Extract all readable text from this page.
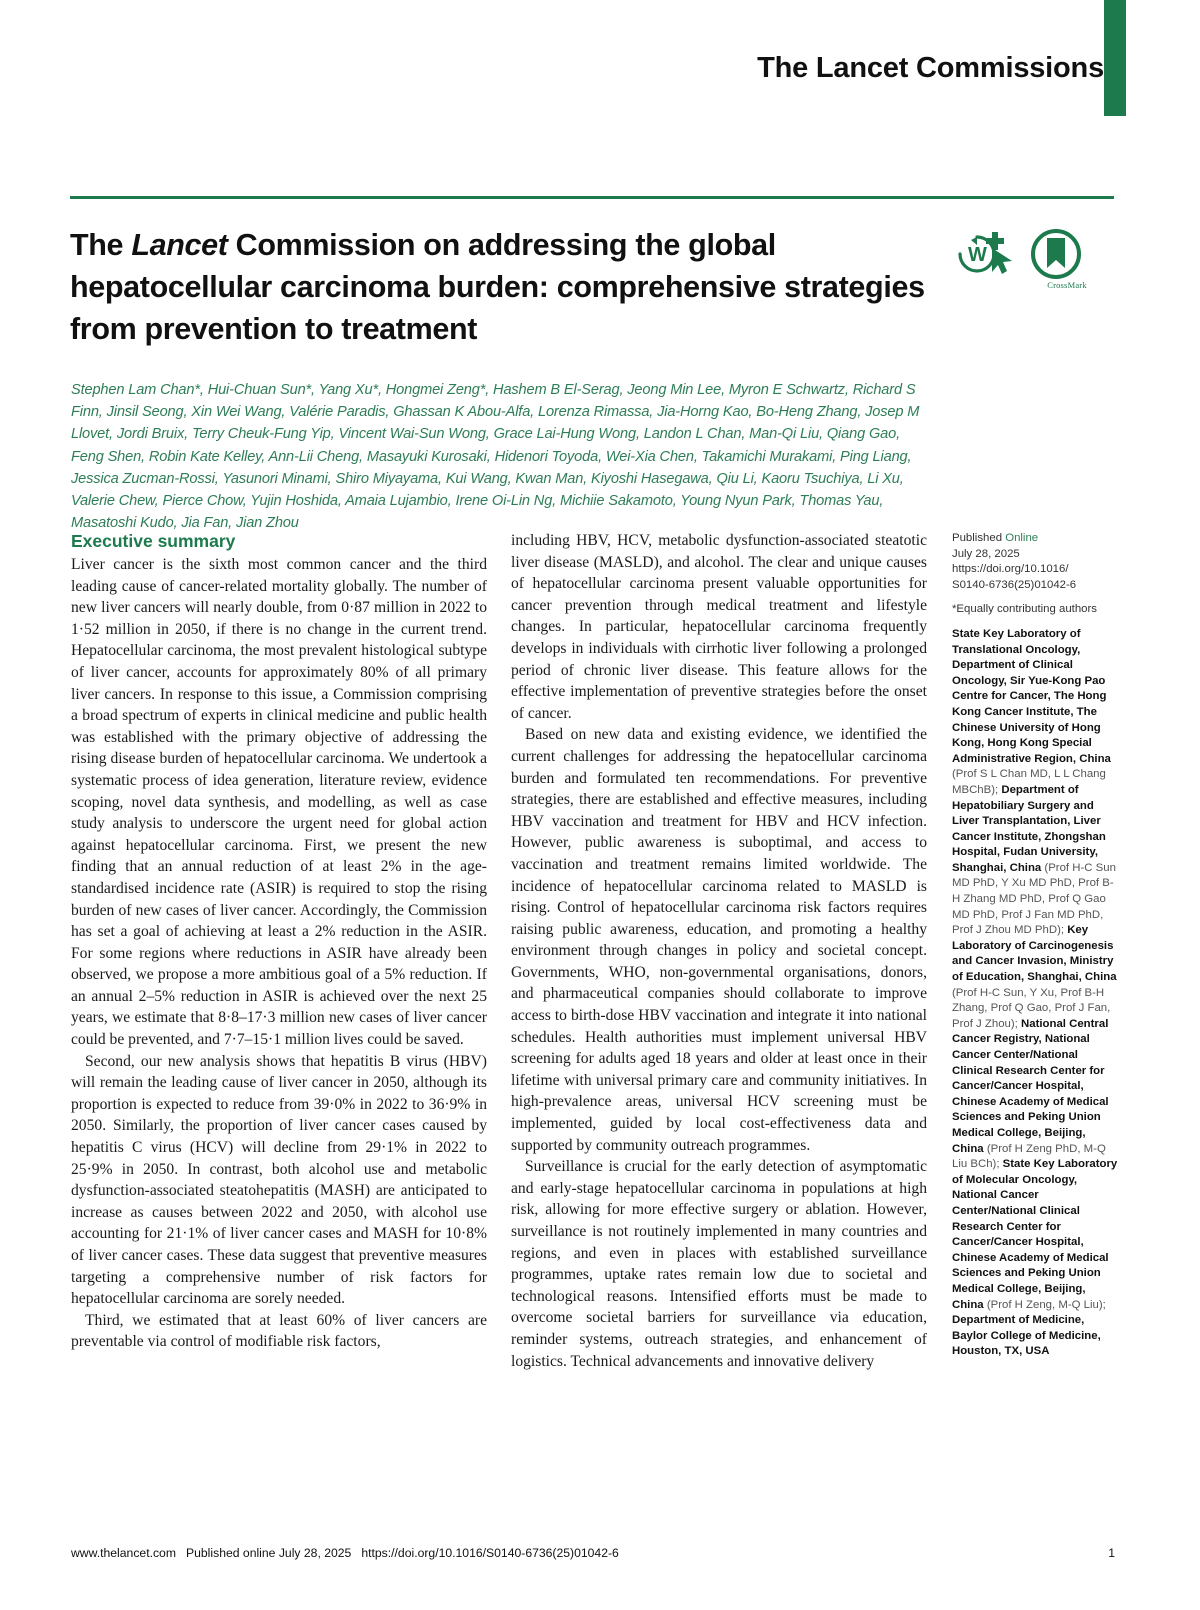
The Lancet Commissions
W
CrossMark
The Lancet Commission on addressing the global hepatocellular carcinoma burden: comprehensive strategies from prevention to treatment
Stephen Lam Chan*, Hui-Chuan Sun*, Yang Xu*, Hongmei Zeng*, Hashem B El-Serag, Jeong Min Lee, Myron E Schwartz, Richard S Finn, Jinsil Seong, Xin Wei Wang, Valérie Paradis, Ghassan K Abou-Alfa, Lorenza Rimassa, Jia-Horng Kao, Bo-Heng Zhang, Josep M Llovet, Jordi Bruix, Terry Cheuk-Fung Yip, Vincent Wai-Sun Wong, Grace Lai-Hung Wong, Landon L Chan, Man-Qi Liu, Qiang Gao, Feng Shen, Robin Kate Kelley, Ann-Lii Cheng, Masayuki Kurosaki, Hidenori Toyoda, Wei-Xia Chen, Takamichi Murakami, Ping Liang, Jessica Zucman-Rossi, Yasunori Minami, Shiro Miyayama, Kui Wang, Kwan Man, Kiyoshi Hasegawa, Qiu Li, Kaoru Tsuchiya, Li Xu, Valerie Chew, Pierce Chow, Yujin Hoshida, Amaia Lujambio, Irene Oi-Lin Ng, Michiie Sakamoto, Young Nyun Park, Thomas Yau, Masatoshi Kudo, Jia Fan, Jian Zhou
Executive summary

Liver cancer is the sixth most common cancer and the third leading cause of cancer-related mortality globally. The number of new liver cancers will nearly double, from 0·87 million in 2022 to 1·52 million in 2050, if there is no change in the current trend. Hepatocellular carcinoma, the most prevalent histological subtype of liver cancer, accounts for approximately 80% of all primary liver cancers. In response to this issue, a Commission comprising a broad spectrum of experts in clinical medicine and public health was established with the primary objective of addressing the rising disease burden of hepatocellular carcinoma. We undertook a systematic process of idea generation, literature review, evidence scoping, novel data synthesis, and modelling, as well as case study analysis to underscore the urgent need for global action against hepatocellular carcinoma. First, we present the new finding that an annual reduction of at least 2% in the age-standardised incidence rate (ASIR) is required to stop the rising burden of new cases of liver cancer. Accordingly, the Commission has set a goal of achieving at least a 2% reduction in the ASIR. For some regions where reductions in ASIR have already been observed, we propose a more ambitious goal of a 5% reduction. If an annual 2–5% reduction in ASIR is achieved over the next 25 years, we estimate that 8·8–17·3 million new cases of liver cancer could be prevented, and 7·7–15·1 million lives could be saved.

Second, our new analysis shows that hepatitis B virus (HBV) will remain the leading cause of liver cancer in 2050, although its proportion is expected to reduce from 39·0% in 2022 to 36·9% in 2050. Similarly, the proportion of liver cancer cases caused by hepatitis C virus (HCV) will decline from 29·1% in 2022 to 25·9% in 2050. In contrast, both alcohol use and metabolic dysfunction-associated steatohepatitis (MASH) are anticipated to increase as causes between 2022 and 2050, with alcohol use accounting for 21·1% of liver cancer cases and MASH for 10·8% of liver cancer cases. These data suggest that preventive measures targeting a comprehensive number of risk factors for hepatocellular carcinoma are sorely needed.

Third, we estimated that at least 60% of liver cancers are preventable via control of modifiable risk factors,

including HBV, HCV, metabolic dysfunction-associated steatotic liver disease (MASLD), and alcohol. The clear and unique causes of hepatocellular carcinoma present valuable opportunities for cancer prevention through medical treatment and lifestyle changes. In particular, hepatocellular carcinoma frequently develops in individuals with cirrhotic liver following a prolonged period of chronic liver disease. This feature allows for the effective implementation of preventive strategies before the onset of cancer.

Based on new data and existing evidence, we identified the current challenges for addressing the hepatocellular carcinoma burden and formulated ten recommendations. For preventive strategies, there are established and effective measures, including HBV vaccination and treatment for HBV and HCV infection. However, public awareness is suboptimal, and access to vaccination and treatment remains limited worldwide. The incidence of hepatocellular carcinoma related to MASLD is rising. Control of hepatocellular carcinoma risk factors requires raising public awareness, education, and promoting a healthy environment through changes in policy and societal concept. Governments, WHO, non-governmental organisations, donors, and pharmaceutical companies should collaborate to improve access to birth-dose HBV vaccination and integrate it into national schedules. Health authorities must implement universal HBV screening for adults aged 18 years and older at least once in their lifetime with universal primary care and community initiatives. In high-prevalence areas, universal HCV screening must be implemented, guided by local cost-effectiveness data and supported by community outreach programmes.

Surveillance is crucial for the early detection of asymptomatic and early-stage hepatocellular carcinoma in populations at high risk, allowing for more effective surgery or ablation. However, surveillance is not routinely implemented in many countries and regions, and even in places with established surveillance programmes, uptake rates remain low due to societal and technological reasons. Intensified efforts must be made to overcome societal barriers for surveillance via education, reminder systems, outreach strategies, and enhancement of logistics. Technical advancements and innovative delivery

Published Online
July 28, 2025
https://doi.org/10.1016/
S0140-6736(25)01042-6
*Equally contributing authors
State Key Laboratory of Translational Oncology, Department of Clinical Oncology, Sir Yue-Kong Pao Centre for Cancer, The Hong Kong Cancer Institute, The Chinese University of Hong Kong, Hong Kong Special Administrative Region, China (Prof S L Chan MD, L L Chang MBChB); Department of Hepatobiliary Surgery and Liver Transplantation, Liver Cancer Institute, Zhongshan Hospital, Fudan University, Shanghai, China (Prof H-C Sun MD PhD, Y Xu MD PhD, Prof B-H Zhang MD PhD, Prof Q Gao MD PhD, Prof J Fan MD PhD, Prof J Zhou MD PhD); Key Laboratory of Carcinogenesis and Cancer Invasion, Ministry of Education, Shanghai, China (Prof H-C Sun, Y Xu, Prof B-H Zhang, Prof Q Gao, Prof J Fan, Prof J Zhou); National Central Cancer Registry, National Cancer Center/National Clinical Research Center for Cancer/Cancer Hospital, Chinese Academy of Medical Sciences and Peking Union Medical College, Beijing, China (Prof H Zeng PhD, M-Q Liu BCh); State Key Laboratory of Molecular Oncology, National Cancer Center/National Clinical Research Center for Cancer/Cancer Hospital, Chinese Academy of Medical Sciences and Peking Union Medical College, Beijing, China (Prof H Zeng, M-Q Liu); Department of Medicine, Baylor College of Medicine, Houston, TX, USA
www.thelancet.com Published online July 28, 2025 https://doi.org/10.1016/S0140-6736(25)01042-6	1
